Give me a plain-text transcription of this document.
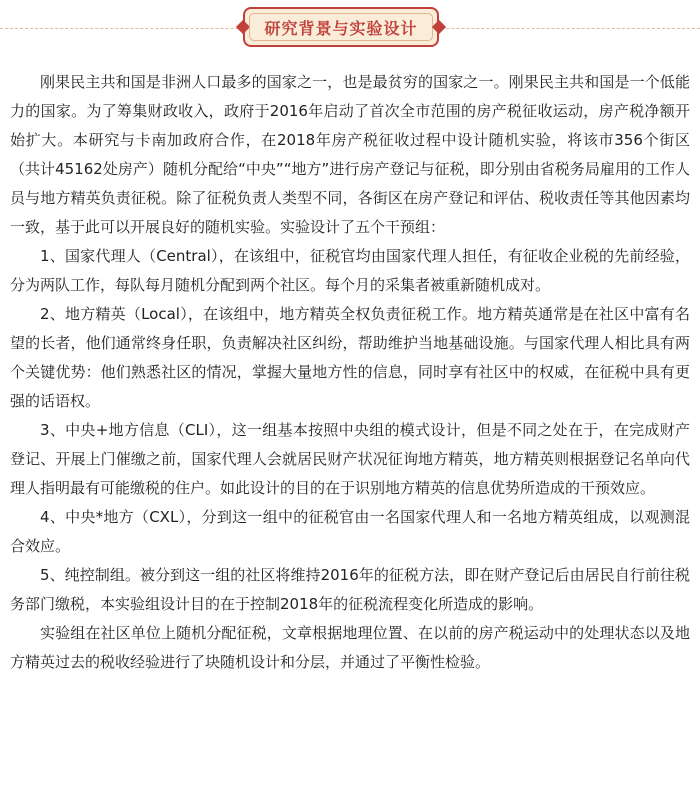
研究背景与实验设计

刚果民主共和国是非洲人口最多的国家之一，也是最贫穷的国家之一。刚果民主共和国是一个低能力的国家。为了筹集财政收入，政府于2016年启动了首次全市范围的房产税征收运动，房产税净额开始扩大。本研究与卡南加政府合作，在2018年房产税征收过程中设计随机实验，将该市356个街区（共计45162处房产）随机分配给“中央”“地方”进行房产登记与征税，即分别由省税务局雇用的工作人员与地方精英负责征税。除了征税负责人类型不同，各街区在房产登记和评估、税收责任等其他因素均一致，基于此可以开展良好的随机实验。实验设计了五个干预组：

1、国家代理人（Central），在该组中，征税官均由国家代理人担任，有征收企业税的先前经验，分为两队工作，每队每月随机分配到两个社区。每个月的采集者被重新随机成对。

2、地方精英（Local），在该组中，地方精英全权负责征税工作。地方精英通常是在社区中富有名望的长者，他们通常终身任职，负责解决社区纠纷，帮助维护当地基础设施。与国家代理人相比具有两个关键优势：他们熟悉社区的情况，掌握大量地方性的信息，同时享有社区中的权威，在征税中具有更强的话语权。

3、中央+地方信息（CLI），这一组基本按照中央组的模式设计，但是不同之处在于，在完成财产登记、开展上门催缴之前，国家代理人会就居民财产状况征询地方精英，地方精英则根据登记名单向代理人指明最有可能缴税的住户。如此设计的目的在于识别地方精英的信息优势所造成的干预效应。

4、中央*地方（CXL），分到这一组中的征税官由一名国家代理人和一名地方精英组成，以观测混合效应。

5、纯控制组。被分到这一组的社区将维持2016年的征税方法，即在财产登记后由居民自行前往税务部门缴税，本实验组设计目的在于控制2018年的征税流程变化所造成的影响。

实验组在社区单位上随机分配征税，文章根据地理位置、在以前的房产税运动中的处理状态以及地方精英过去的税收经验进行了块随机设计和分层，并通过了平衡性检验。
